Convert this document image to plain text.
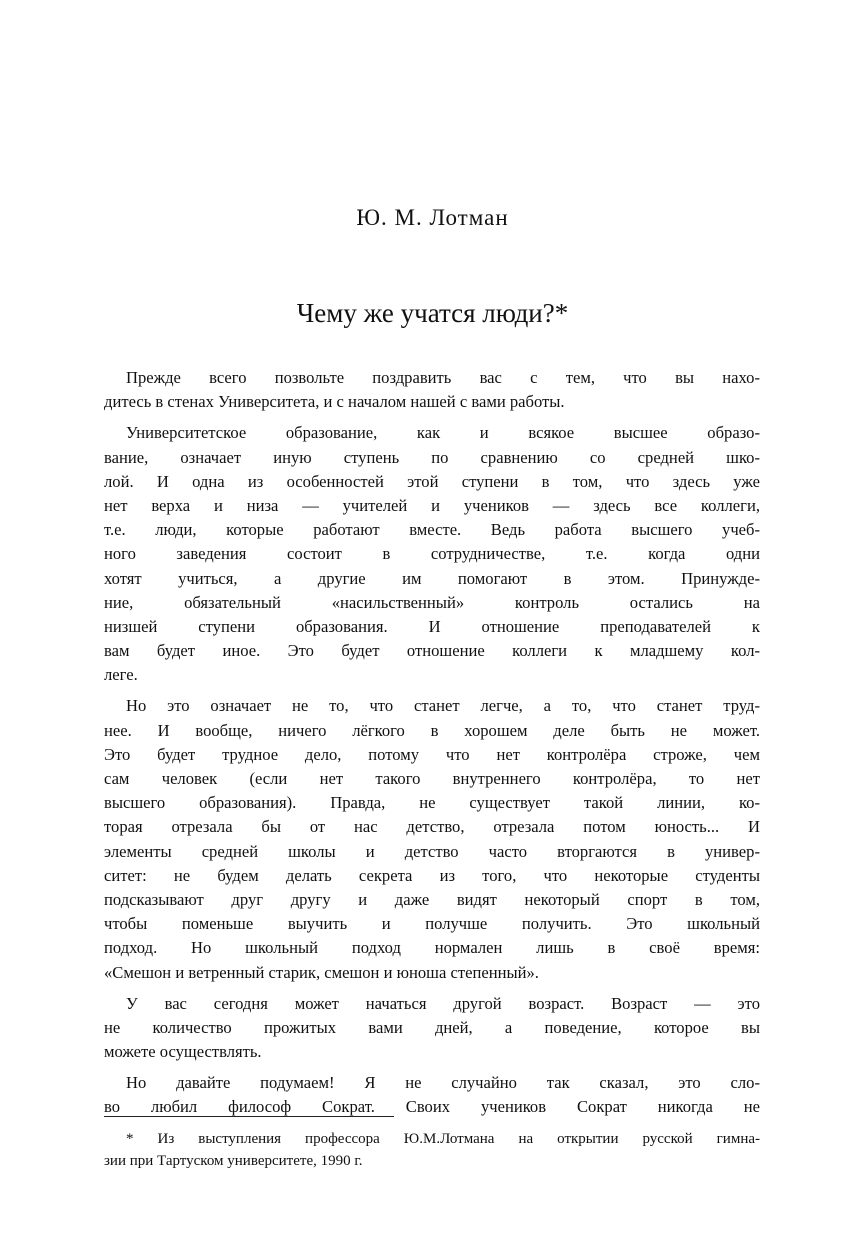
Ю. М. Лотман
Чему же учатся люди?*
Прежде всего позвольте поздравить вас с тем, что вы нахо-
дитесь в стенах Университета, и с началом нашей с вами работы.
Университетское образование, как и всякое высшее образо-
вание, означает иную ступень по сравнению со средней шко-
лой. И одна из особенностей этой ступени в том, что здесь уже
нет верха и низа — учителей и учеников — здесь все коллеги,
т.е. люди, которые работают вместе. Ведь работа высшего учеб-
ного заведения состоит в сотрудничестве, т.е. когда одни
хотят учиться, а другие им помогают в этом. Принужде-
ние, обязательный «насильственный» контроль остались на
низшей ступени образования. И отношение преподавателей к
вам будет иное. Это будет отношение коллеги к младшему кол-
леге.
Но это означает не то, что станет легче, а то, что станет труд-
нее. И вообще, ничего лёгкого в хорошем деле быть не может.
Это будет трудное дело, потому что нет контролёра строже, чем
сам человек (если нет такого внутреннего контролёра, то нет
высшего образования). Правда, не существует такой линии, ко-
торая отрезала бы от нас детство, отрезала потом юность... И
элементы средней школы и детство часто вторгаются в универ-
ситет: не будем делать секрета из того, что некоторые студенты
подсказывают друг другу и даже видят некоторый спорт в том,
чтобы поменьше выучить и получше получить. Это школьный
подход. Но школьный подход нормален лишь в своё время:
«Смешон и ветренный старик, смешон и юноша степенный».
У вас сегодня может начаться другой возраст. Возраст — это
не количество прожитых вами дней, а поведение, которое вы
можете осуществлять.
Но давайте подумаем! Я не случайно так сказал, это сло-
во любил философ Сократ. Своих учеников Сократ никогда не
* Из выступления профессора Ю.М.Лотмана на открытии русской гимна-
зии при Тартуском университете, 1990 г.
